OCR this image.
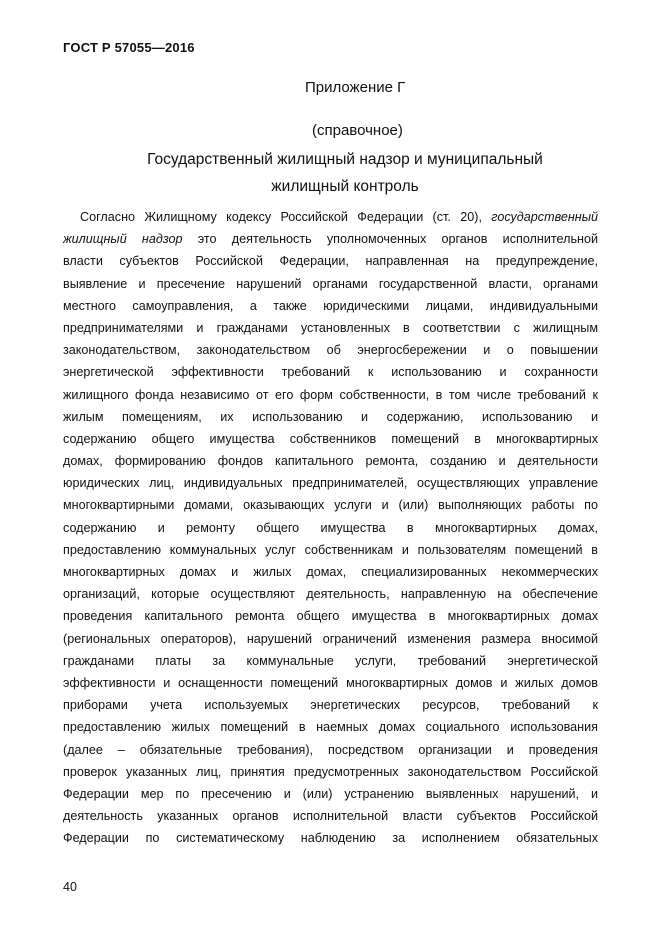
ГОСТ Р 57055—2016
Приложение Г
(справочное)
Государственный жилищный надзор и муниципальный
жилищный контроль
Согласно Жилищному кодексу Российской Федерации (ст. 20), государственный
жилищный надзор это деятельность уполномоченных органов исполнительной
власти субъектов Российской Федерации, направленная на предупреждение,
выявление и пресечение нарушений органами государственной власти, органами
местного самоуправления, а также юридическими лицами, индивидуальными
предпринимателями и гражданами установленных в соответствии с жилищным
законодательством, законодательством об энергосбережении и о повышении
энергетической эффективности требований к использованию и сохранности
жилищного фонда независимо от его форм собственности, в том числе требований к
жилым помещениям, их использованию и содержанию, использованию и
содержанию общего имущества собственников помещений в многоквартирных
домах, формированию фондов капитального ремонта, созданию и деятельности
юридических лиц, индивидуальных предпринимателей, осуществляющих управление
многоквартирными домами, оказывающих услуги и (или) выполняющих работы по
содержанию и ремонту общего имущества в многоквартирных домах,
предоставлению коммунальных услуг собственникам и пользователям помещений в
многоквартирных домах и жилых домах, специализированных некоммерческих
организаций, которые осуществляют деятельность, направленную на обеспечение
проведения капитального ремонта общего имущества в многоквартирных домах
(региональных операторов), нарушений ограничений изменения размера вносимой
гражданами платы за коммунальные услуги, требований энергетической
эффективности и оснащенности помещений многоквартирных домов и жилых домов
приборами учета используемых энергетических ресурсов, требований к
предоставлению жилых помещений в наемных домах социального использования
(далее – обязательные требования), посредством организации и проведения
проверок указанных лиц, принятия предусмотренных законодательством Российской
Федерации мер по пресечению и (или) устранению выявленных нарушений, и
деятельность указанных органов исполнительной власти субъектов Российской
Федерации по систематическому наблюдению за исполнением обязательных
40
